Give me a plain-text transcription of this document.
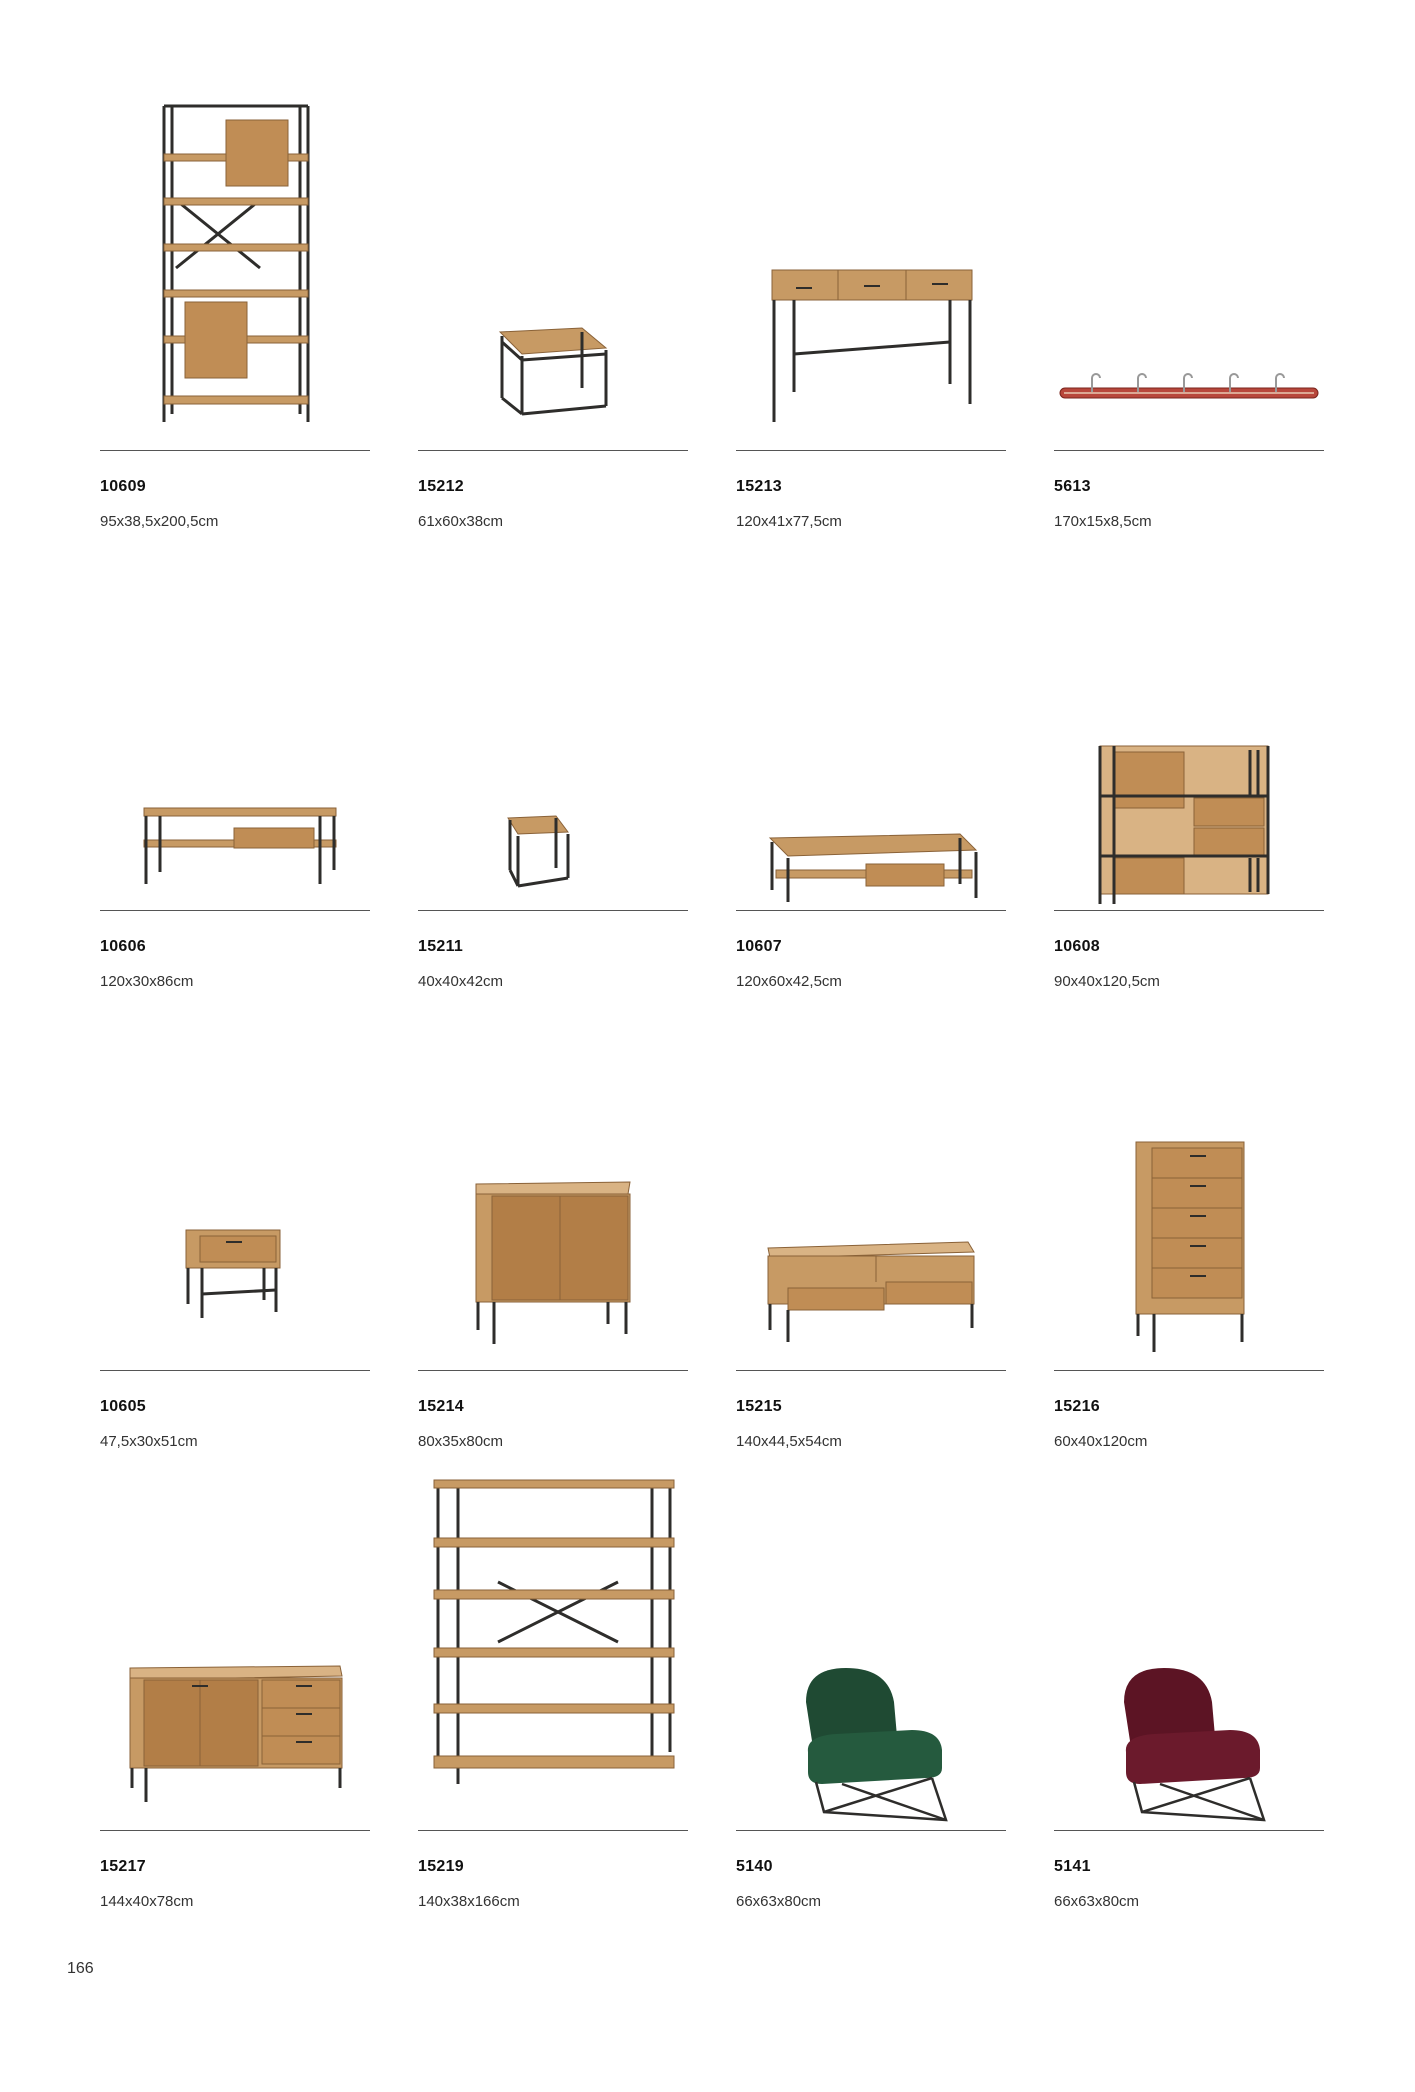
10609
95x38,5x200,5cm
15212
61x60x38cm
15213
120x41x77,5cm
5613
170x15x8,5cm
10606
120x30x86cm
15211
40x40x42cm
10607
120x60x42,5cm
10608
90x40x120,5cm
10605
47,5x30x51cm
15214
80x35x80cm
15215
140x44,5x54cm
15216
60x40x120cm
15217
144x40x78cm
15219
140x38x166cm
5140
66x63x80cm
5141
66x63x80cm
166
